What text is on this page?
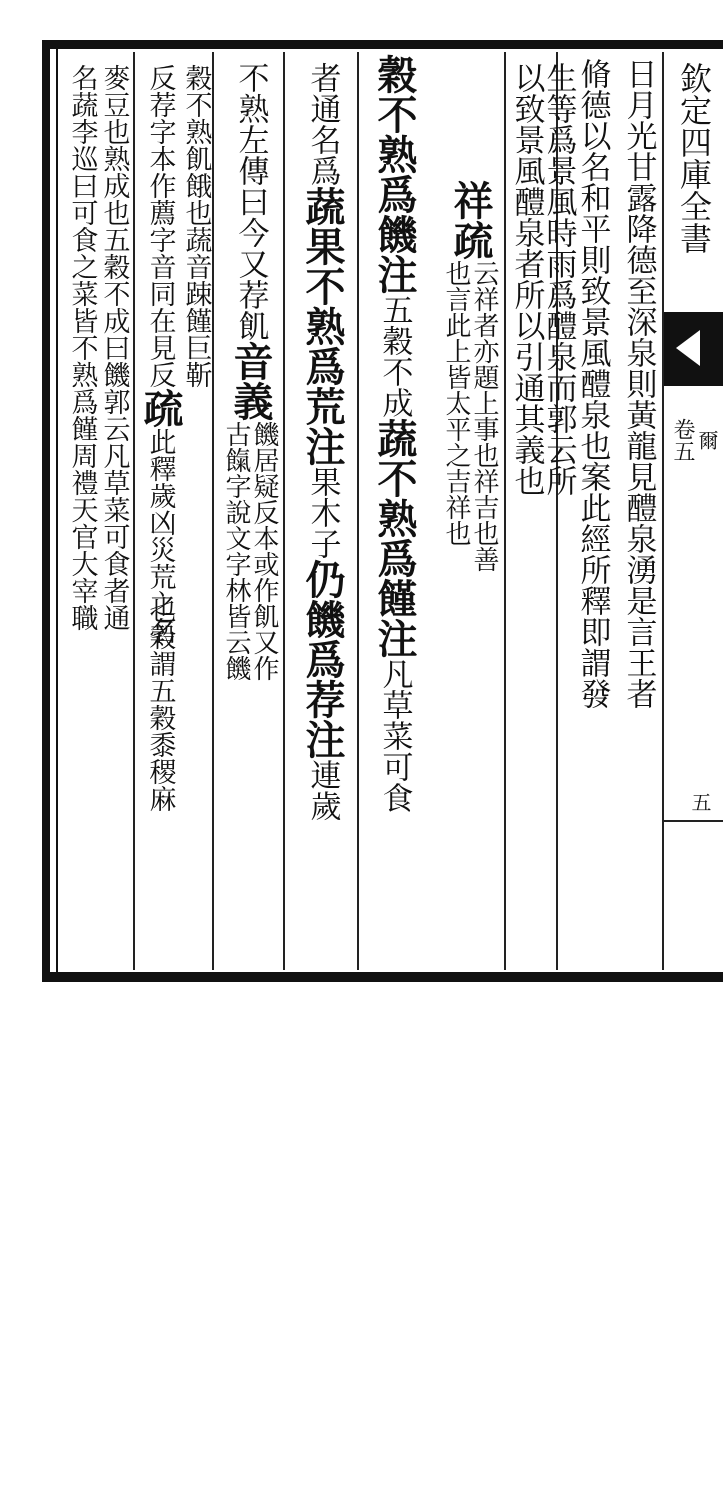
欽定四庫全書
卷五 爾
五
日月光甘露降德至深泉則黃龍見醴泉湧是言王者
脩德以名和平則致景風醴泉也案此經所釋即謂發
生等爲景風時雨爲醴泉而郭云所
以致景風醴泉者所以引通其義也
祥
疏
云祥者亦題上事也祥吉也善
也言此上皆太平之吉祥也
穀不熟爲饑
注
五穀不成
蔬不熟爲饉
注
凡草菜可食
者通名爲
蔬
果不熟爲荒
注
果木子
仍饑爲荐
注
連歲
不熟左傳曰今又荐飢
音義
饑居疑反本或作飢又作
古餼字說文字林皆云饑
穀不熟飢餓也蔬音踈饉巨靳
反荐字本作薦字音同在見反
疏
此釋歲凶災荒之名
也穀謂五穀黍稷麻
麥豆也熟成也五穀不成曰饑郭云凡草菜可食者通
名蔬李巡曰可食之菜皆不熟爲饉周禮天官大宰職
